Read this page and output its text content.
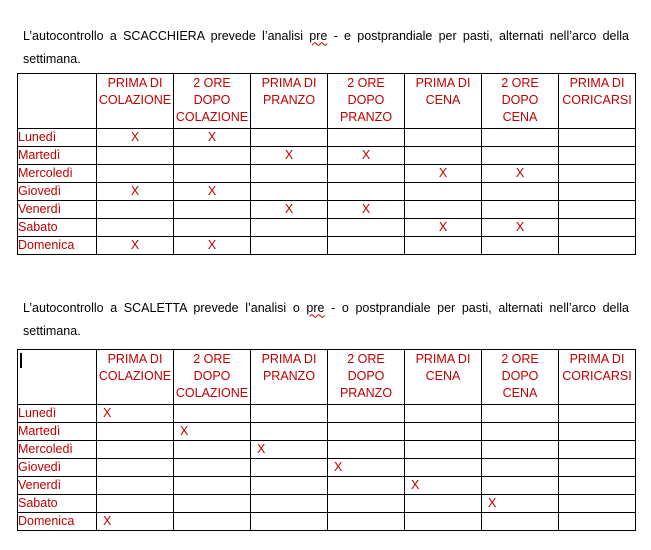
L’autocontrollo a SCACCHIERA prevede l’analisi pre - e postprandiale per pasti, alternati nell’arco della settimana.

	PRIMA DI
COLAZIONE	2 ORE
DOPO
COLAZIONE	PRIMA DI
PRANZO	2 ORE
DOPO
PRANZO	PRIMA DI
CENA	2 ORE
DOPO
CENA	PRIMA DI
CORICARSI
Lunedì	X	X					
Martedì			X	X			
Mercoledì					X	X	
Giovedì	X	X					
Venerdì			X	X			
Sabato					X	X	
Domenica	X	X					

L’autocontrollo a SCALETTA prevede l’analisi o pre - o postprandiale per pasti, alternati nell’arco della settimana.

	PRIMA DI
COLAZIONE	2 ORE
DOPO
COLAZIONE	PRIMA DI
PRANZO	2 ORE
DOPO
PRANZO	PRIMA DI
CENA	2 ORE
DOPO
CENA	PRIMA DI
CORICARSI
Lunedì	X						
Martedì		X					
Mercoledì			X				
Giovedì				X			
Venerdì					X		
Sabato						X	
Domenica	X						
